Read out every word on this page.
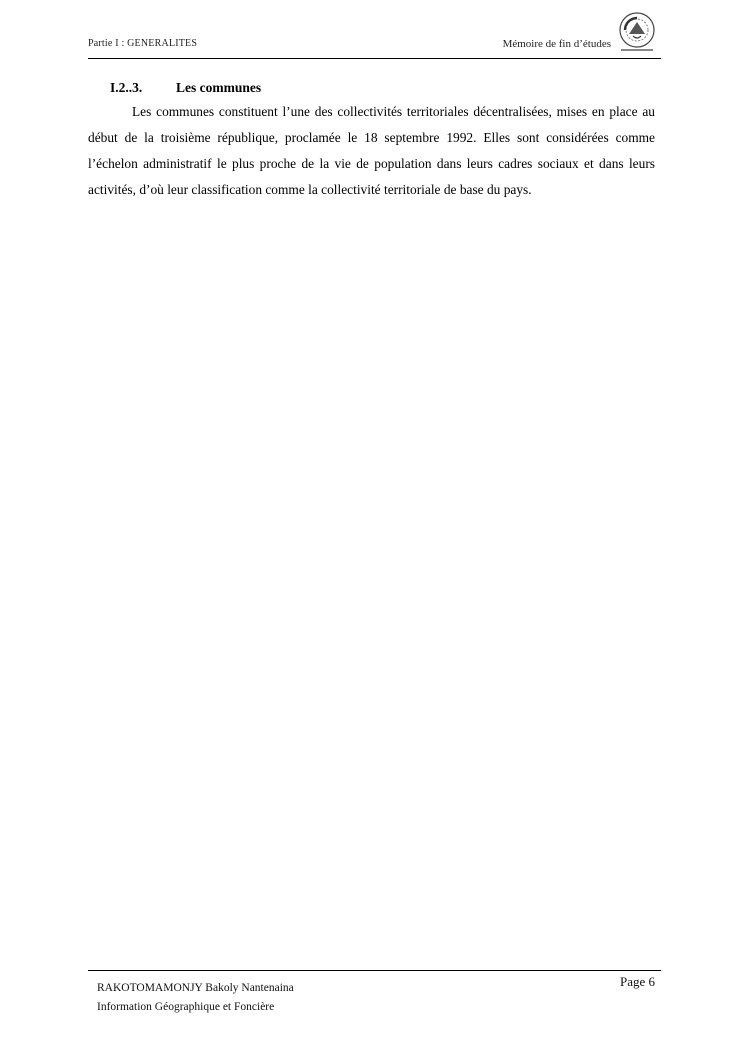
Partie I : GENERALITES	Mémoire de fin d’études
I.2..3. Les communes

Les communes constituent l’une des collectivités territoriales décentralisées, mises en place au début de la troisième république, proclamée le 18 septembre 1992. Elles sont considérées comme l’échelon administratif le plus proche de la vie de population dans leurs cadres sociaux et dans leurs activités, d’où leur classification comme la collectivité territoriale de base du pays.

RAKOTOMAMONJY Bakoly Nantenaina
Information Géographique et Foncière
Page 6
